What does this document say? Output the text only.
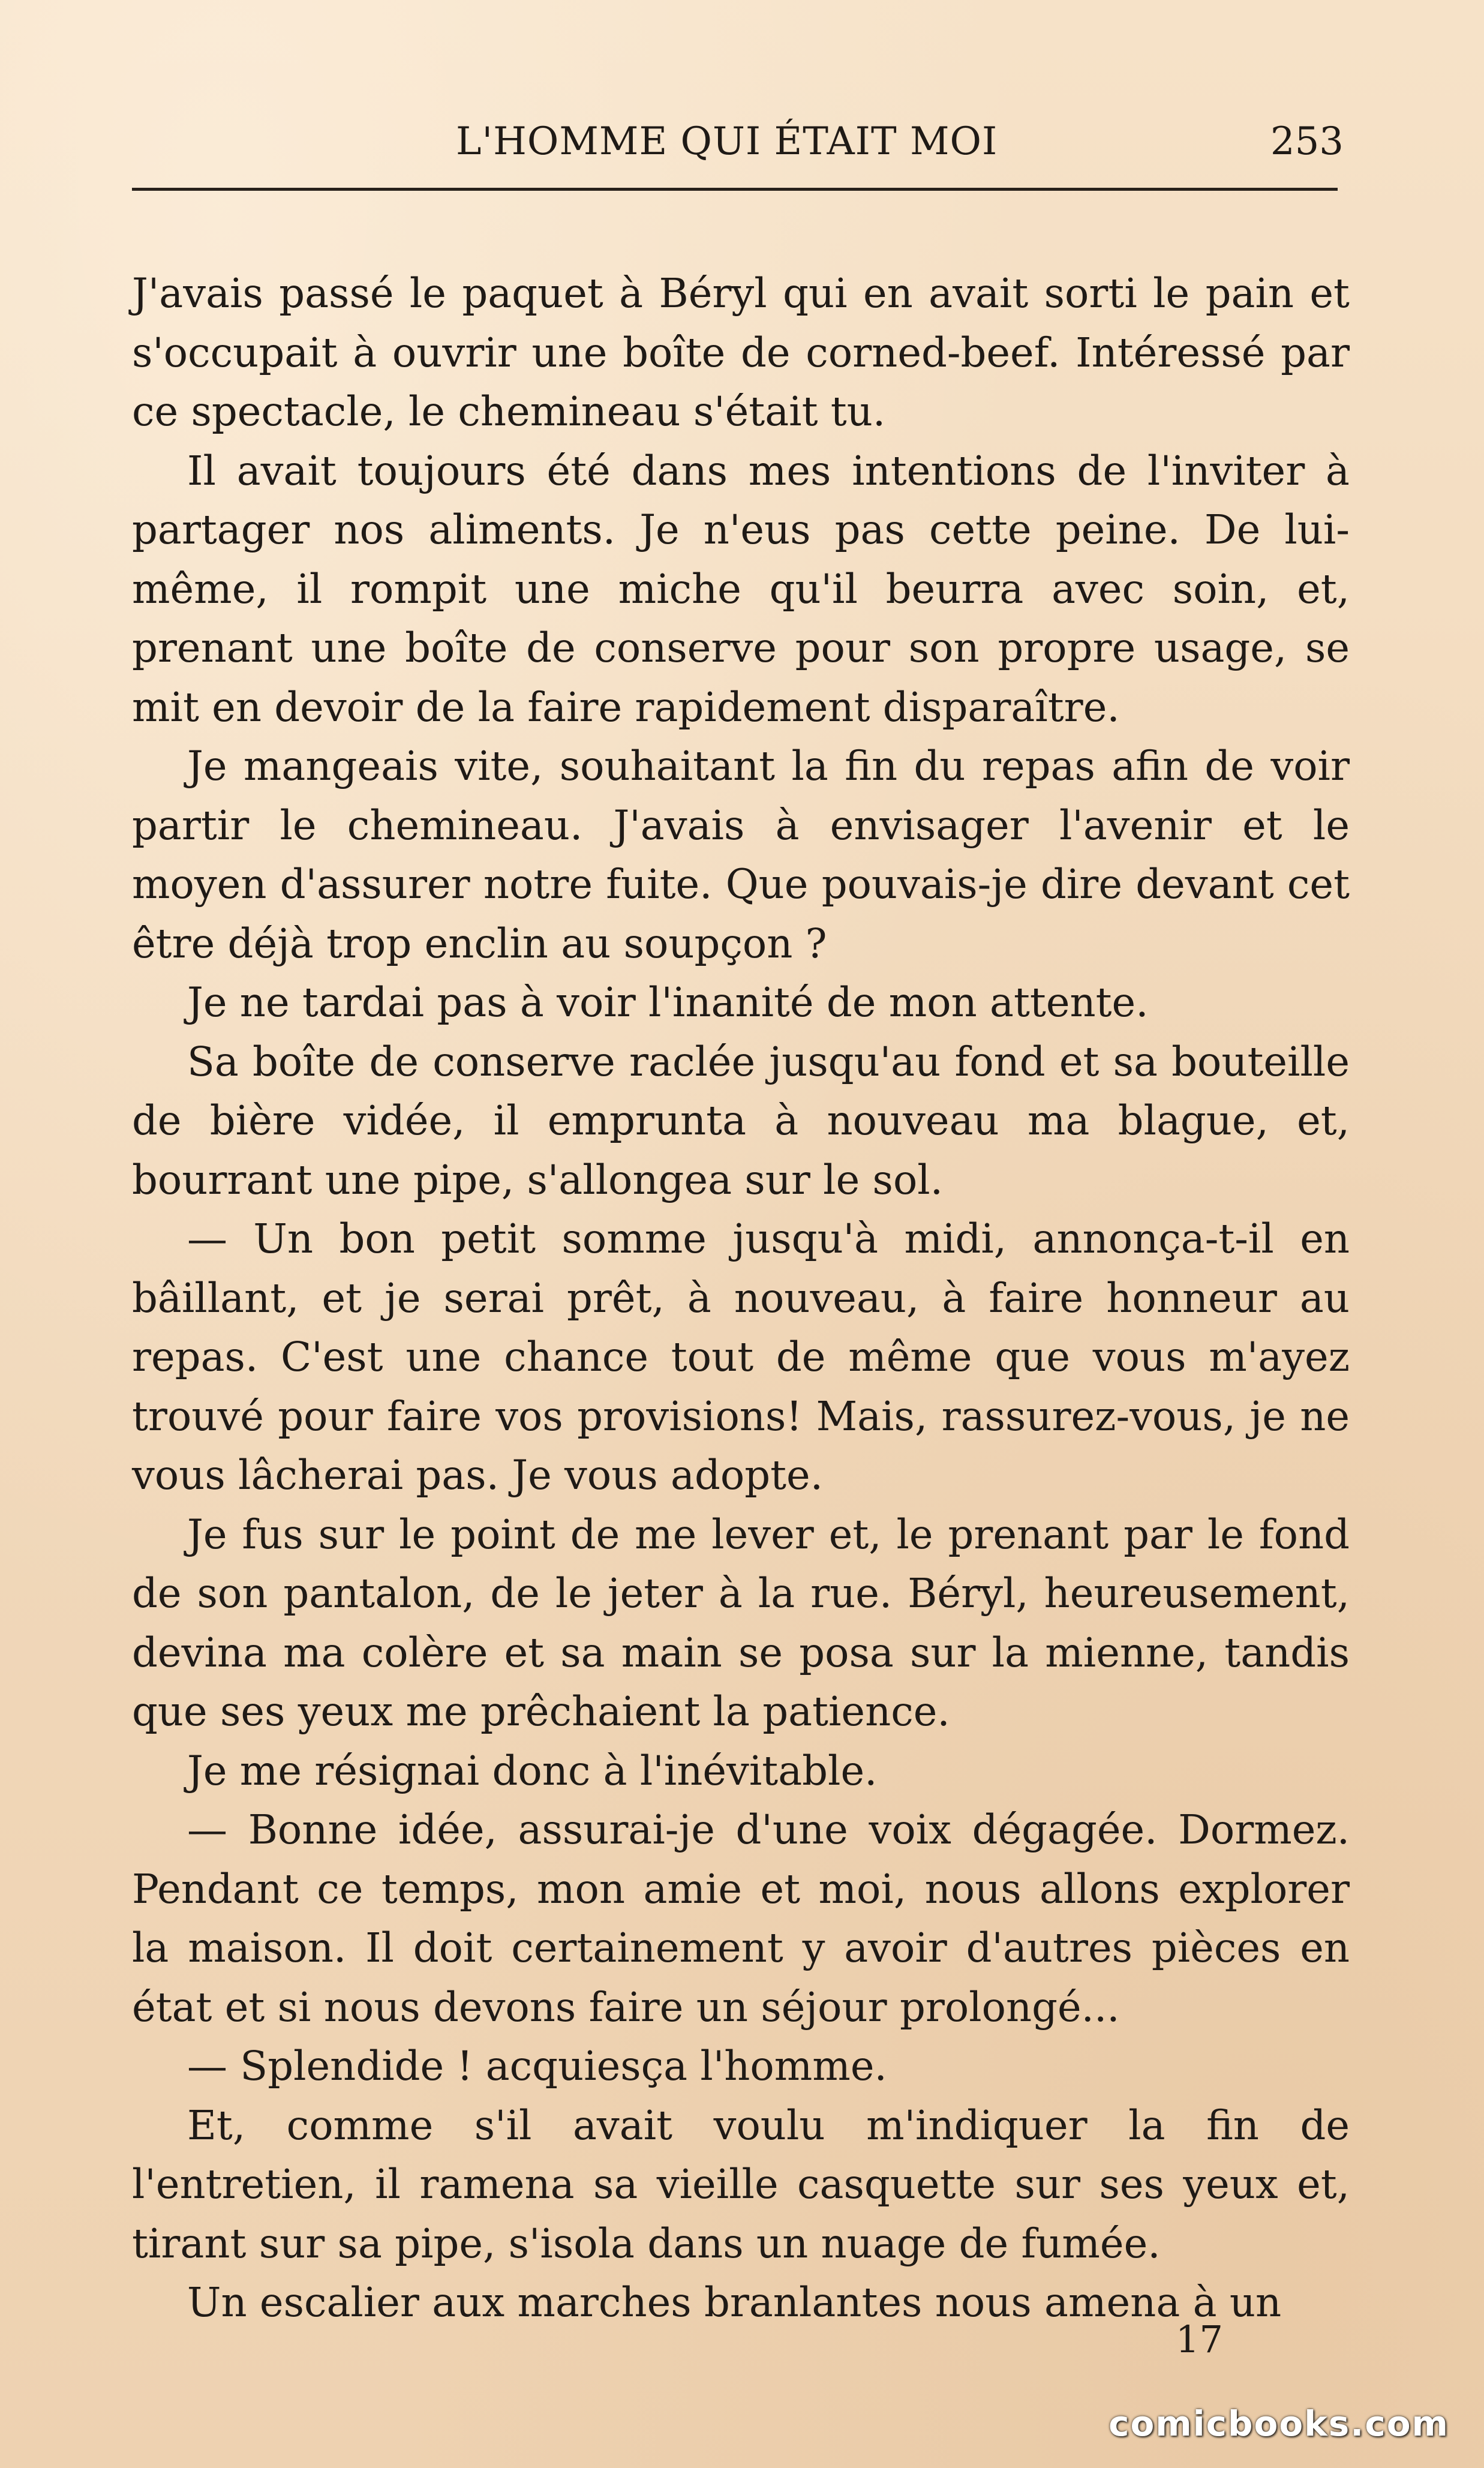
L'HOMME QUI ÉTAIT MOI	253

J'avais passé le paquet à Béryl qui en avait sorti le pain et s'occupait à ouvrir une boîte de corned-beef. Intéressé par ce spectacle, le chemineau s'était tu.

Il avait toujours été dans mes intentions de l'inviter à partager nos aliments. Je n'eus pas cette peine. De lui-même, il rompit une miche qu'il beurra avec soin, et, prenant une boîte de conserve pour son propre usage, se mit en devoir de la faire rapidement disparaître.

Je mangeais vite, souhaitant la fin du repas afin de voir partir le chemineau. J'avais à envisager l'avenir et le moyen d'assurer notre fuite. Que pouvais-je dire devant cet être déjà trop enclin au soupçon ?

Je ne tardai pas à voir l'inanité de mon attente.

Sa boîte de conserve raclée jusqu'au fond et sa bouteille de bière vidée, il emprunta à nouveau ma blague, et, bourrant une pipe, s'allongea sur le sol.

— Un bon petit somme jusqu'à midi, annonça-t-il en bâillant, et je serai prêt, à nouveau, à faire honneur au repas. C'est une chance tout de même que vous m'ayez trouvé pour faire vos provisions! Mais, rassurez-vous, je ne vous lâcherai pas. Je vous adopte.

Je fus sur le point de me lever et, le prenant par le fond de son pantalon, de le jeter à la rue. Béryl, heureusement, devina ma colère et sa main se posa sur la mienne, tandis que ses yeux me prêchaient la patience.

Je me résignai donc à l'inévitable.

— Bonne idée, assurai-je d'une voix dégagée. Dormez. Pendant ce temps, mon amie et moi, nous allons explorer la maison. Il doit certainement y avoir d'autres pièces en état et si nous devons faire un séjour prolongé...

— Splendide ! acquiesça l'homme.

Et, comme s'il avait voulu m'indiquer la fin de l'entretien, il ramena sa vieille casquette sur ses yeux et, tirant sur sa pipe, s'isola dans un nuage de fumée.

Un escalier aux marches branlantes nous amena à un

17
comicbooks.com
